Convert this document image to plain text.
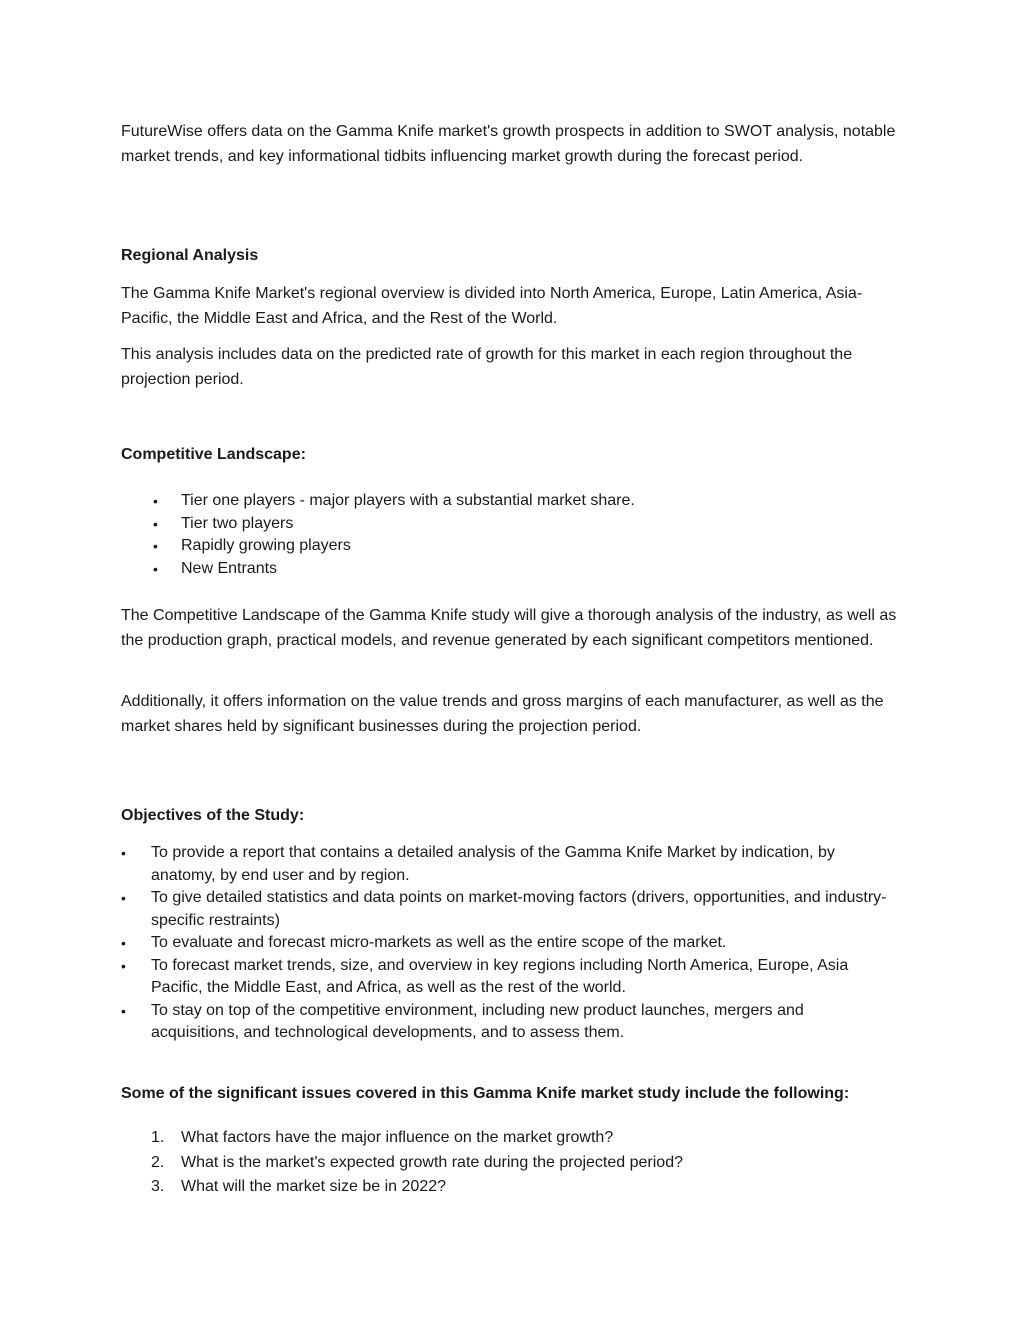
FutureWise offers data on the Gamma Knife market's growth prospects in addition to SWOT analysis, notable market trends, and key informational tidbits influencing market growth during the forecast period.

Regional Analysis

The Gamma Knife Market's regional overview is divided into North America, Europe, Latin America, Asia-Pacific, the Middle East and Africa, and the Rest of the World.

This analysis includes data on the predicted rate of growth for this market in each region throughout the projection period.

Competitive Landscape:

• Tier one players - major players with a substantial market share.
• Tier two players
• Rapidly growing players
• New Entrants

The Competitive Landscape of the Gamma Knife study will give a thorough analysis of the industry, as well as the production graph, practical models, and revenue generated by each significant competitors mentioned.

Additionally, it offers information on the value trends and gross margins of each manufacturer, as well as the market shares held by significant businesses during the projection period.

Objectives of the Study:

• To provide a report that contains a detailed analysis of the Gamma Knife Market by indication, by anatomy, by end user and by region.
• To give detailed statistics and data points on market-moving factors (drivers, opportunities, and industry-specific restraints)
• To evaluate and forecast micro-markets as well as the entire scope of the market.
• To forecast market trends, size, and overview in key regions including North America, Europe, Asia Pacific, the Middle East, and Africa, as well as the rest of the world.
• To stay on top of the competitive environment, including new product launches, mergers and acquisitions, and technological developments, and to assess them.

Some of the significant issues covered in this Gamma Knife market study include the following:

1. What factors have the major influence on the market growth?
2. What is the market's expected growth rate during the projected period?
3. What will the market size be in 2022?
